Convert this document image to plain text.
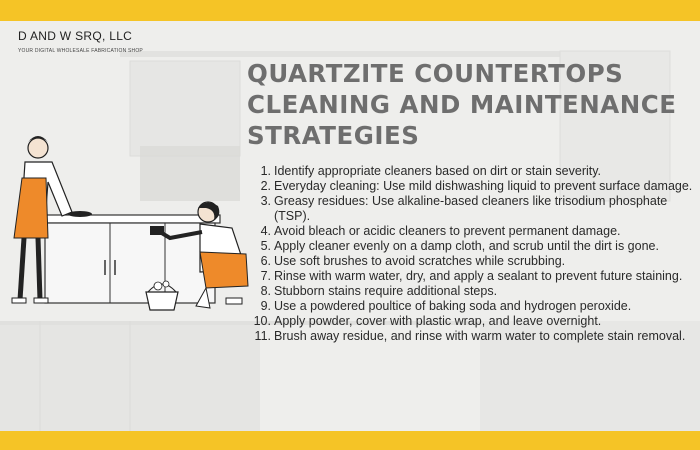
D AND W SRQ, LLC
YOUR DIGITAL WHOLESALE FABRICATION SHOP
QUARTZITE COUNTERTOPS
CLEANING AND MAINTENANCE
STRATEGIES
1. Identify appropriate cleaners based on dirt or stain severity.
2. Everyday cleaning: Use mild dishwashing liquid to prevent surface damage.
3. Greasy residues: Use alkaline-based cleaners like trisodium phosphate (TSP).
4. Avoid bleach or acidic cleaners to prevent permanent damage.
5. Apply cleaner evenly on a damp cloth, and scrub until the dirt is gone.
6. Use soft brushes to avoid scratches while scrubbing.
7. Rinse with warm water, dry, and apply a sealant to prevent future staining.
8. Stubborn stains require additional steps.
9. Use a powdered poultice of baking soda and hydrogen peroxide.
10. Apply powder, cover with plastic wrap, and leave overnight.
11. Brush away residue, and rinse with warm water to complete stain removal.
